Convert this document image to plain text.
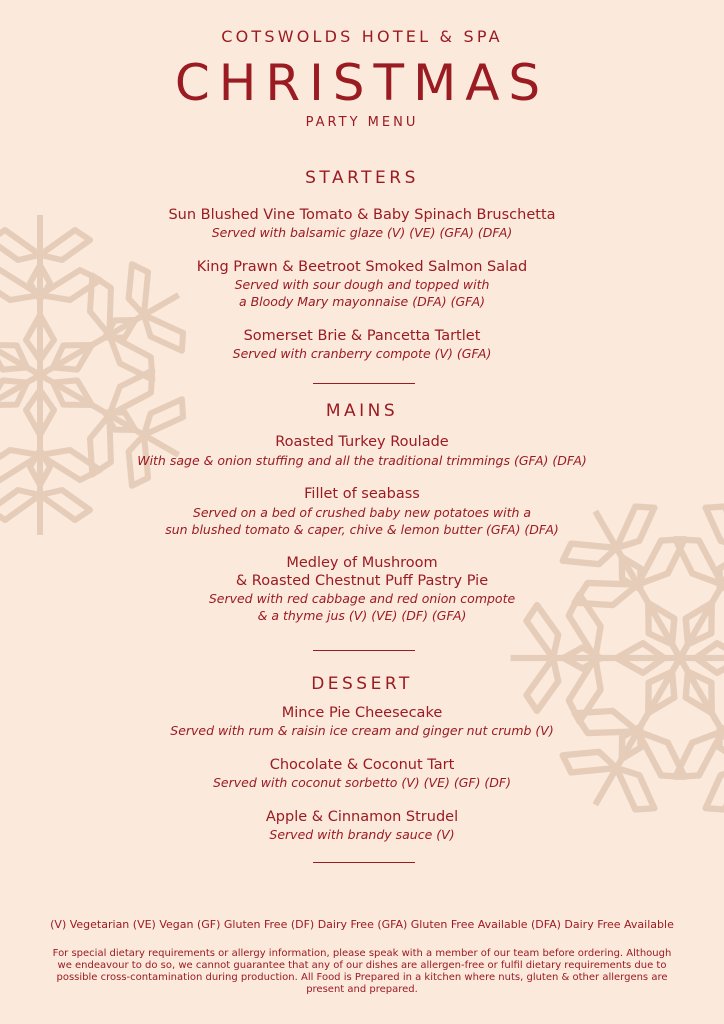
COTSWOLDS HOTEL & SPA
CHRISTMAS
PARTY MENU
STARTERS
Sun Blushed Vine Tomato & Baby Spinach Bruschetta
Served with balsamic glaze (V) (VE) (GFA) (DFA)
King Prawn & Beetroot Smoked Salmon Salad
Served with sour dough and topped with
a Bloody Mary mayonnaise (DFA) (GFA)
Somerset Brie & Pancetta Tartlet
Served with cranberry compote (V) (GFA)
MAINS
Roasted Turkey Roulade
With sage & onion stuffing and all the traditional trimmings (GFA) (DFA)
Fillet of seabass
Served on a bed of crushed baby new potatoes with a
sun blushed tomato & caper, chive & lemon butter (GFA) (DFA)
Medley of Mushroom
& Roasted Chestnut Puff Pastry Pie
Served with red cabbage and red onion compote
& a thyme jus (V) (VE) (DF) (GFA)
DESSERT
Mince Pie Cheesecake
Served with rum & raisin ice cream and ginger nut crumb (V)
Chocolate & Coconut Tart
Served with coconut sorbetto (V) (VE) (GF) (DF)
Apple & Cinnamon Strudel
Served with brandy sauce (V)
(V) Vegetarian (VE) Vegan (GF) Gluten Free (DF) Dairy Free (GFA) Gluten Free Available (DFA) Dairy Free Available
For special dietary requirements or allergy information, please speak with a member of our team before ordering. Although we endeavour to do so, we cannot guarantee that any of our dishes are allergen-free or fulfil dietary requirements due to possible cross-contamination during production. All Food is Prepared in a kitchen where nuts, gluten & other allergens are present and prepared.
